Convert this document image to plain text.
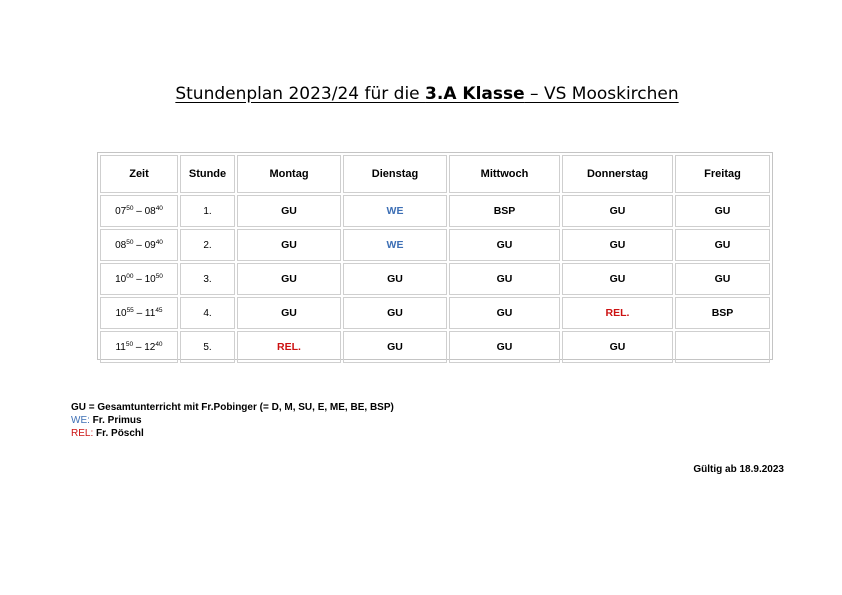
Stundenplan 2023/24 für die 3.A Klasse – VS Mooskirchen
Zeit	Stunde	Montag	Dienstag	Mittwoch	Donnerstag	Freitag
$07^{50} - 08^{40}$	1.	GU	WE	BSP	GU	GU
$08^{50} - 09^{40}$	2.	GU	WE	GU	GU	GU
$10^{00} - 10^{50}$	3.	GU	GU	GU	GU	GU
$10^{55} - 11^{45}$	4.	GU	GU	GU	REL.	BSP
$11^{50} - 12^{40}$	5.	REL.	GU	GU	GU	
GU = Gesamtunterricht mit Fr.Pobinger (= D, M, SU, E, ME, BE, BSP)
WE: Fr. Primus
REL: Fr. Pöschl
Gültig ab 18.9.2023
